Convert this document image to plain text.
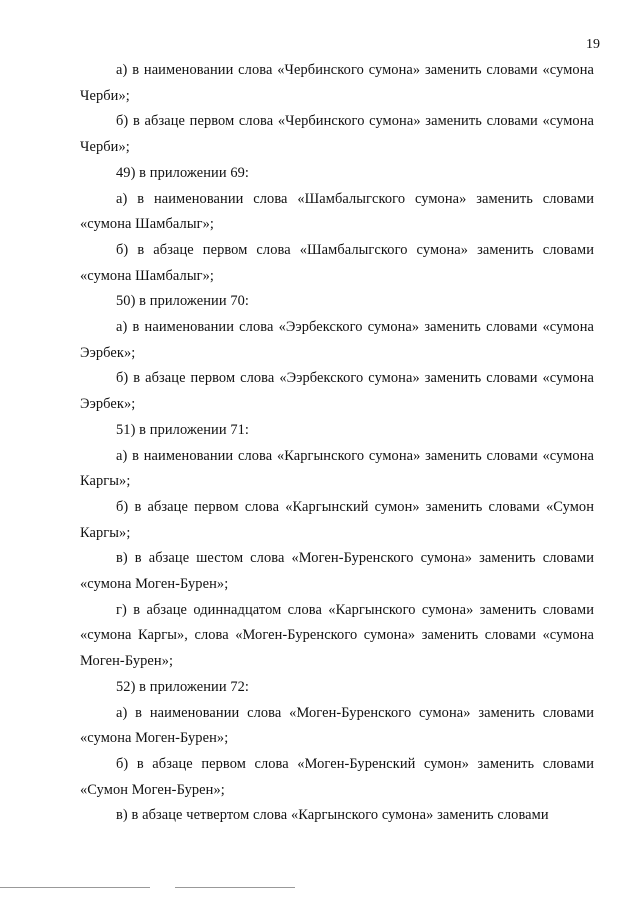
19

а) в наименовании слова «Чербинского сумона» заменить словами «сумона Черби»;

б) в абзаце первом слова «Чербинского сумона» заменить словами «сумона Черби»;

49) в приложении 69:

а) в наименовании слова «Шамбалыгского сумона» заменить словами «сумона Шамбалыг»;

б) в абзаце первом слова «Шамбалыгского сумона» заменить словами «сумона Шамбалыг»;

50) в приложении 70:

а) в наименовании слова «Ээрбекского сумона» заменить словами «сумона Ээрбек»;

б) в абзаце первом слова «Ээрбекского сумона» заменить словами «сумона Ээрбек»;

51) в приложении 71:

а) в наименовании слова «Каргынского сумона» заменить словами «сумона Каргы»;

б) в абзаце первом слова «Каргынский сумон» заменить словами «Сумон Каргы»;

в) в абзаце шестом слова «Моген-Буренского сумона» заменить словами «сумона Моген-Бурен»;

г) в абзаце одиннадцатом слова «Каргынского сумона» заменить словами «сумона Каргы», слова «Моген-Буренского сумона» заменить словами «сумона Моген-Бурен»;

52) в приложении 72:

а) в наименовании слова «Моген-Буренского сумона» заменить словами «сумона Моген-Бурен»;

б) в абзаце первом слова «Моген-Буренский сумон» заменить словами «Сумон Моген-Бурен»;

в) в абзаце четвертом слова «Каргынского сумона» заменить словами
